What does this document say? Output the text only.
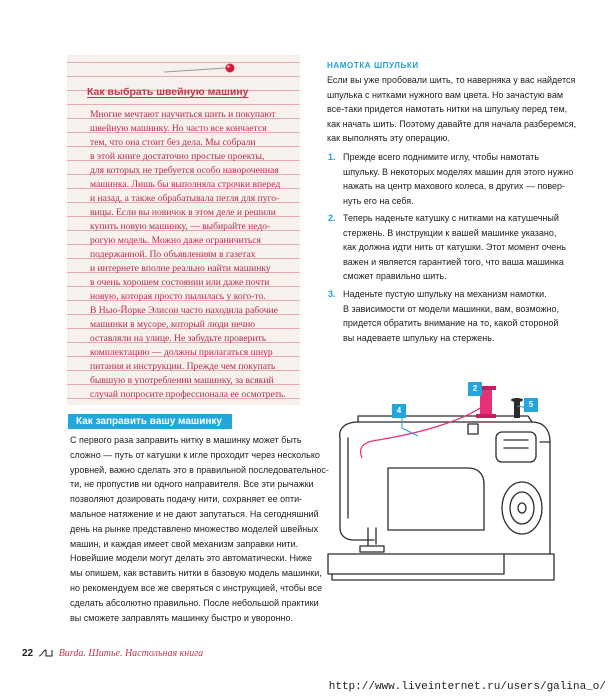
Как выбрать швейную машину
Многие мечтают научиться шить и покупают
швейную машинку. Но часто все кончается
тем, что она стоит без дела. Мы собрали
в этой книге достаточно простые проекты,
для которых не требуется особо навороченная
машинка. Лишь бы выполняла строчки вперед
и назад, а также обрабатывала петля для пуго-
вицы. Если вы новичок в этом деле и решили
купить новую машинку, — выбирайте недо-
рогую модель. Можно даже ограничиться
подержанной. По объявлениям в газетах
и интернете вполне реально найти машинку
в очень хорошем состоянии или даже почти
новую, которая просто пылилась у кого-то.
В Нью-Йорке Элисон часто находила рабочие
машинки в мусоре, который люди нечно
оставляли на улице. Не забудьте проверить
комплектацию — должны прилагаться шнур
питания и инструкции. Прежде чем покупать
бывшую в употреблении машинку, за всякий
случай попросите профессионала ее осмотреть.
Как заправить вашу машинку
С первого раза заправить нитку в машинку может быть
сложно — путь от катушки к игле проходит через несколько
уровней, важно сделать это в правильной последовательнос-
ти, не пропустив ни одного направителя. Все эти рычажки
позволяют дозировать подачу нити, сохраняет ее опти-
мальное натяжение и не дают запутаться. На сегодняшний
день на рынке представлено множество моделей швейных
машин, и каждая имеет свой механизм заправки нити.
Новейшие модели могут делать это автоматически. Ниже
мы опишем, как вставить нитки в базовую модель машинки,
но рекомендуем все же сверяться с инструкцией, чтобы все
сделать абсолютно правильно. После небольшой практики
вы сможете заправлять машинку быстро и уворонно.
НАМОТКА ШПУЛЬКИ
Если вы уже пробовали шить, то наверняка у вас найдется
шпулька с нитками нужного вам цвета. Но зачастую вам
все-таки придется намотать нитки на шпульку перед тем,
как начать шить. Поэтому давайте для начала разберемся,
как выполнять эту операцию.
1. Прежде всего поднимите иглу, чтобы намотать
шпульку. В некоторых моделях машин для этого нужно
нажать на центр махового колеса, в других — повер-
нуть его на себя.
2. Теперь наденьте катушку с нитками на катушечный
стержень. В инструкции к вашей машинке указано,
как должна идти нить от катушки. Этот момент очень
важен и является гарантией того, что ваша машинка
сможет правильно шить.
3. Наденьте пустую шпульку на механизм намотки.
В зависимости от модели машинки, вам, возможно,
придется обратить внимание на то, какой стороной
вы надеваете шпульку на стержень.
2
4
5
22	Burda. Шитье. Настольная книга
http://www.liveinternet.ru/users/galina_o/
